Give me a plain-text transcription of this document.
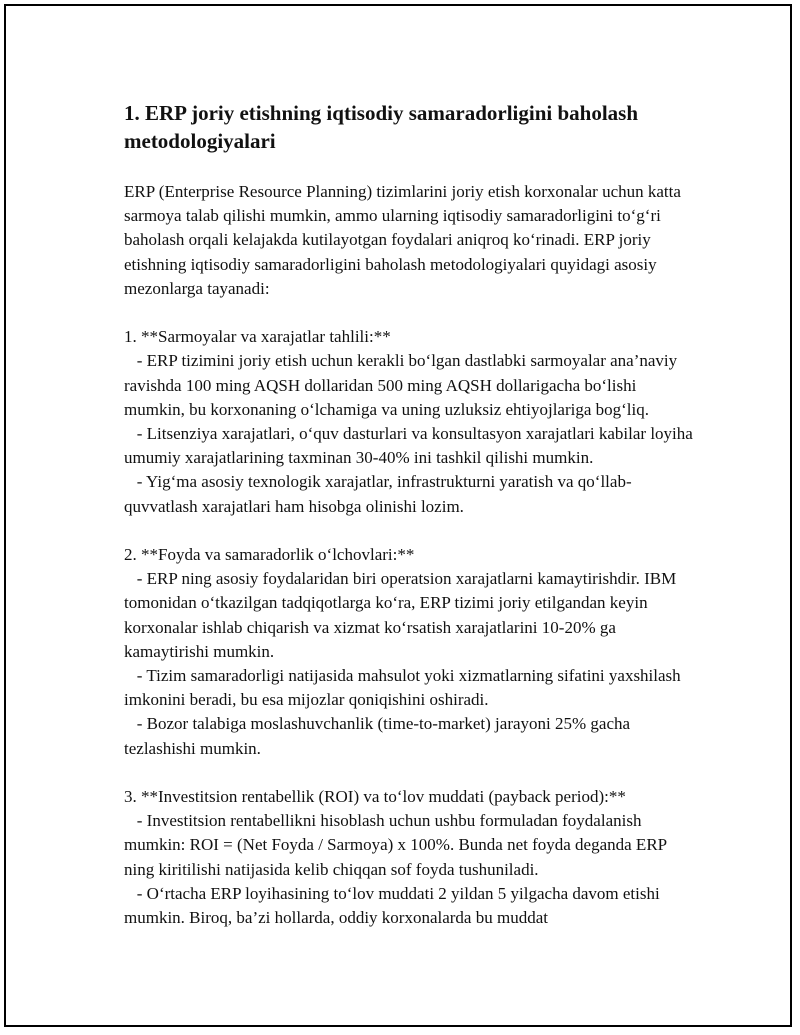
1. ERP joriy etishning iqtisodiy samaradorligini baholash metodologiyalari

ERP (Enterprise Resource Planning) tizimlarini joriy etish korxonalar uchun katta sarmoya talab qilishi mumkin, ammo ularning iqtisodiy samaradorligini to‘g‘ri baholash orqali kelajakda kutilayotgan foydalari aniqroq ko‘rinadi. ERP joriy etishning iqtisodiy samaradorligini baholash metodologiyalari quyidagi asosiy mezonlarga tayanadi:

1. **Sarmoyalar va xarajatlar tahlili:**

- ERP tizimini joriy etish uchun kerakli bo‘lgan dastlabki sarmoyalar ana’naviy ravishda 100 ming AQSH dollaridan 500 ming AQSH dollarigacha bo‘lishi mumkin, bu korxonaning o‘lchamiga va uning uzluksiz ehtiyojlariga bog‘liq.

- Litsenziya xarajatlari, o‘quv dasturlari va konsultasyon xarajatlari kabilar loyiha umumiy xarajatlarining taxminan 30-40% ini tashkil qilishi mumkin.

- Yig‘ma asosiy texnologik xarajatlar, infrastrukturni yaratish va qo‘llab-quvvatlash xarajatlari ham hisobga olinishi lozim.

2. **Foyda va samaradorlik o‘lchovlari:**

- ERP ning asosiy foydalaridan biri operatsion xarajatlarni kamaytirishdir. IBM tomonidan o‘tkazilgan tadqiqotlarga ko‘ra, ERP tizimi joriy etilgandan keyin korxonalar ishlab chiqarish va xizmat ko‘rsatish xarajatlarini 10-20% ga kamaytirishi mumkin.

- Tizim samaradorligi natijasida mahsulot yoki xizmatlarning sifatini yaxshilash imkonini beradi, bu esa mijozlar qoniqishini oshiradi.

- Bozor talabiga moslashuvchanlik (time-to-market) jarayoni 25% gacha tezlashishi mumkin.

3. **Investitsion rentabellik (ROI) va to‘lov muddati (payback period):**

- Investitsion rentabellikni hisoblash uchun ushbu formuladan foydalanish mumkin: ROI = (Net Foyda / Sarmoya) x 100%. Bunda net foyda deganda ERP ning kiritilishi natijasida kelib chiqqan sof foyda tushuniladi.

- O‘rtacha ERP loyihasining to‘lov muddati 2 yildan 5 yilgacha davom etishi mumkin. Biroq, ba’zi hollarda, oddiy korxonalarda bu muddat
